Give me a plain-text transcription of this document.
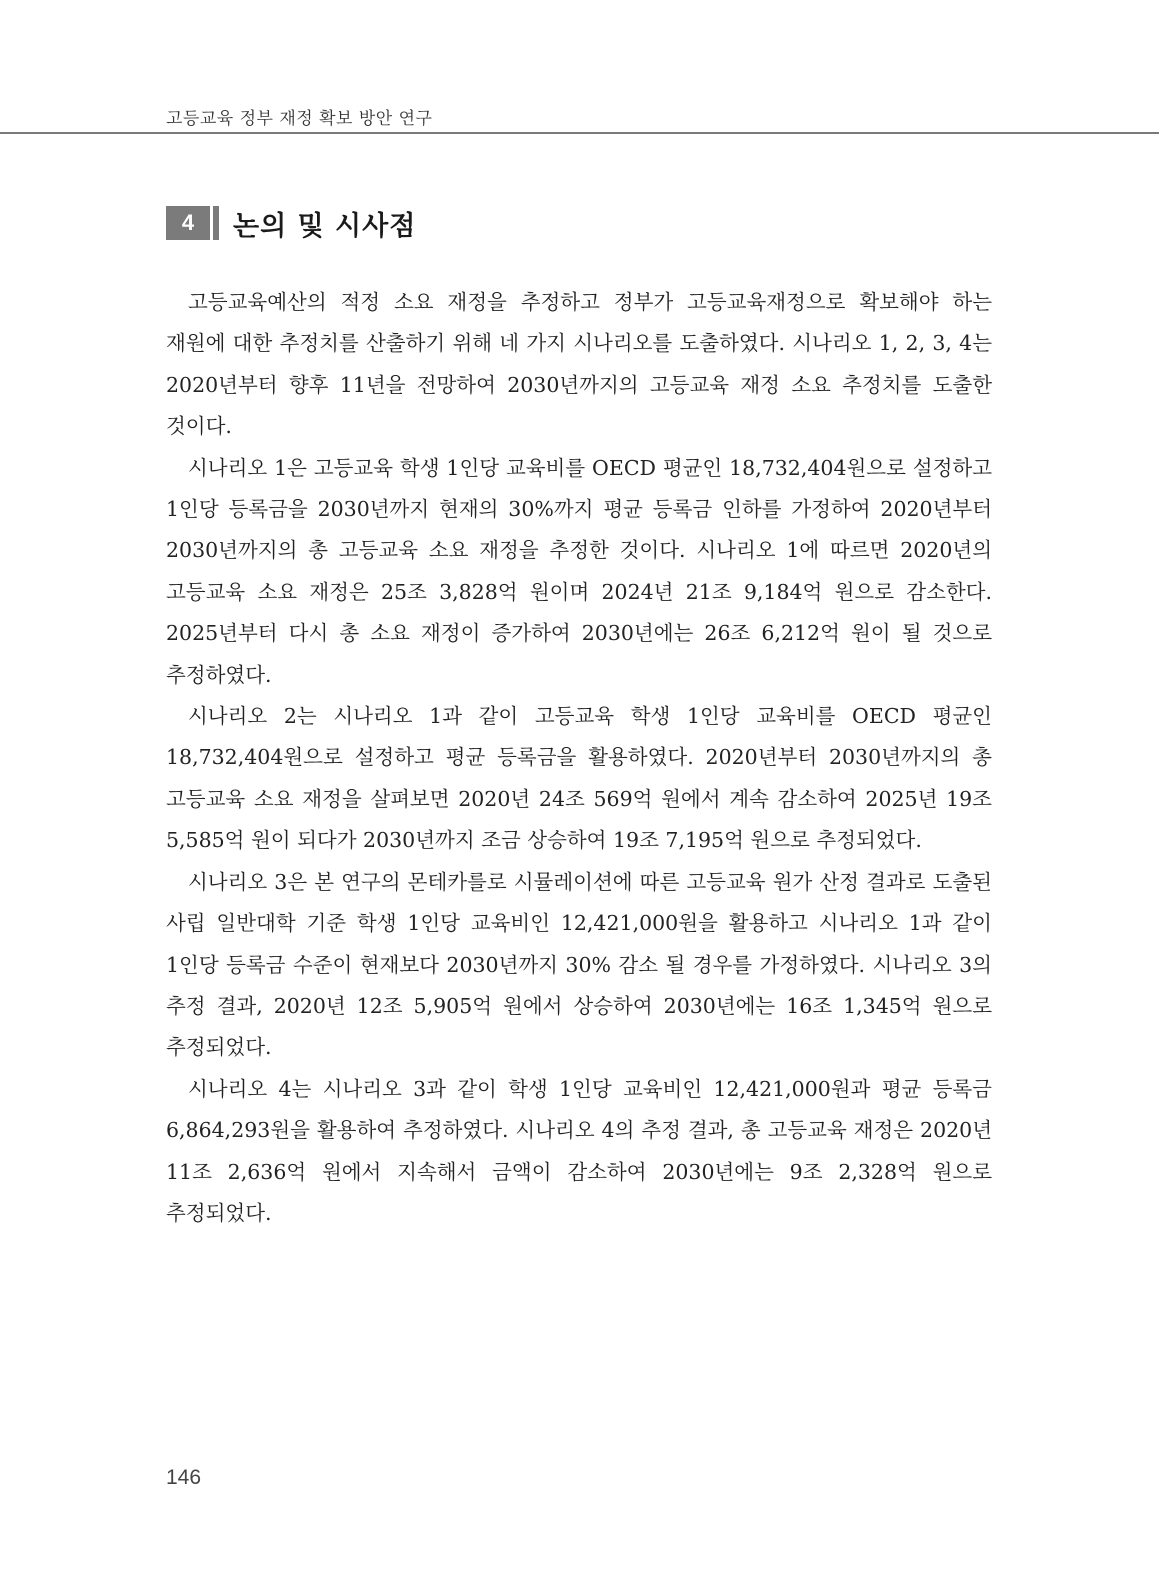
고등교육 정부 재정 확보 방안 연구
4	논의 및 시사점

고등교육예산의 적정 소요 재정을 추정하고 정부가 고등교육재정으로 확보해야 하는 재원에 대한 추정치를 산출하기 위해 네 가지 시나리오를 도출하였다. 시나리오 1, 2, 3, 4는 2020년부터 향후 11년을 전망하여 2030년까지의 고등교육 재정 소요 추정치를 도출한 것이다.

시나리오 1은 고등교육 학생 1인당 교육비를 OECD 평균인 18,732,404원으로 설정하고 1인당 등록금을 2030년까지 현재의 30%까지 평균 등록금 인하를 가정하여 2020년부터 2030년까지의 총 고등교육 소요 재정을 추정한 것이다. 시나리오 1에 따르면 2020년의 고등교육 소요 재정은 25조 3,828억 원이며 2024년 21조 9,184억 원으로 감소한다. 2025년부터 다시 총 소요 재정이 증가하여 2030년에는 26조 6,212억 원이 될 것으로 추정하였다.

시나리오 2는 시나리오 1과 같이 고등교육 학생 1인당 교육비를 OECD 평균인 18,732,404원으로 설정하고 평균 등록금을 활용하였다. 2020년부터 2030년까지의 총 고등교육 소요 재정을 살펴보면 2020년 24조 569억 원에서 계속 감소하여 2025년 19조 5,585억 원이 되다가 2030년까지 조금 상승하여 19조 7,195억 원으로 추정되었다.

시나리오 3은 본 연구의 몬테카를로 시뮬레이션에 따른 고등교육 원가 산정 결과로 도출된 사립 일반대학 기준 학생 1인당 교육비인 12,421,000원을 활용하고 시나리오 1과 같이 1인당 등록금 수준이 현재보다 2030년까지 30% 감소 될 경우를 가정하였다. 시나리오 3의 추정 결과, 2020년 12조 5,905억 원에서 상승하여 2030년에는 16조 1,345억 원으로 추정되었다.

시나리오 4는 시나리오 3과 같이 학생 1인당 교육비인 12,421,000원과 평균 등록금 6,864,293원을 활용하여 추정하였다. 시나리오 4의 추정 결과, 총 고등교육 재정은 2020년 11조 2,636억 원에서 지속해서 금액이 감소하여 2030년에는 9조 2,328억 원으로 추정되었다.

146
